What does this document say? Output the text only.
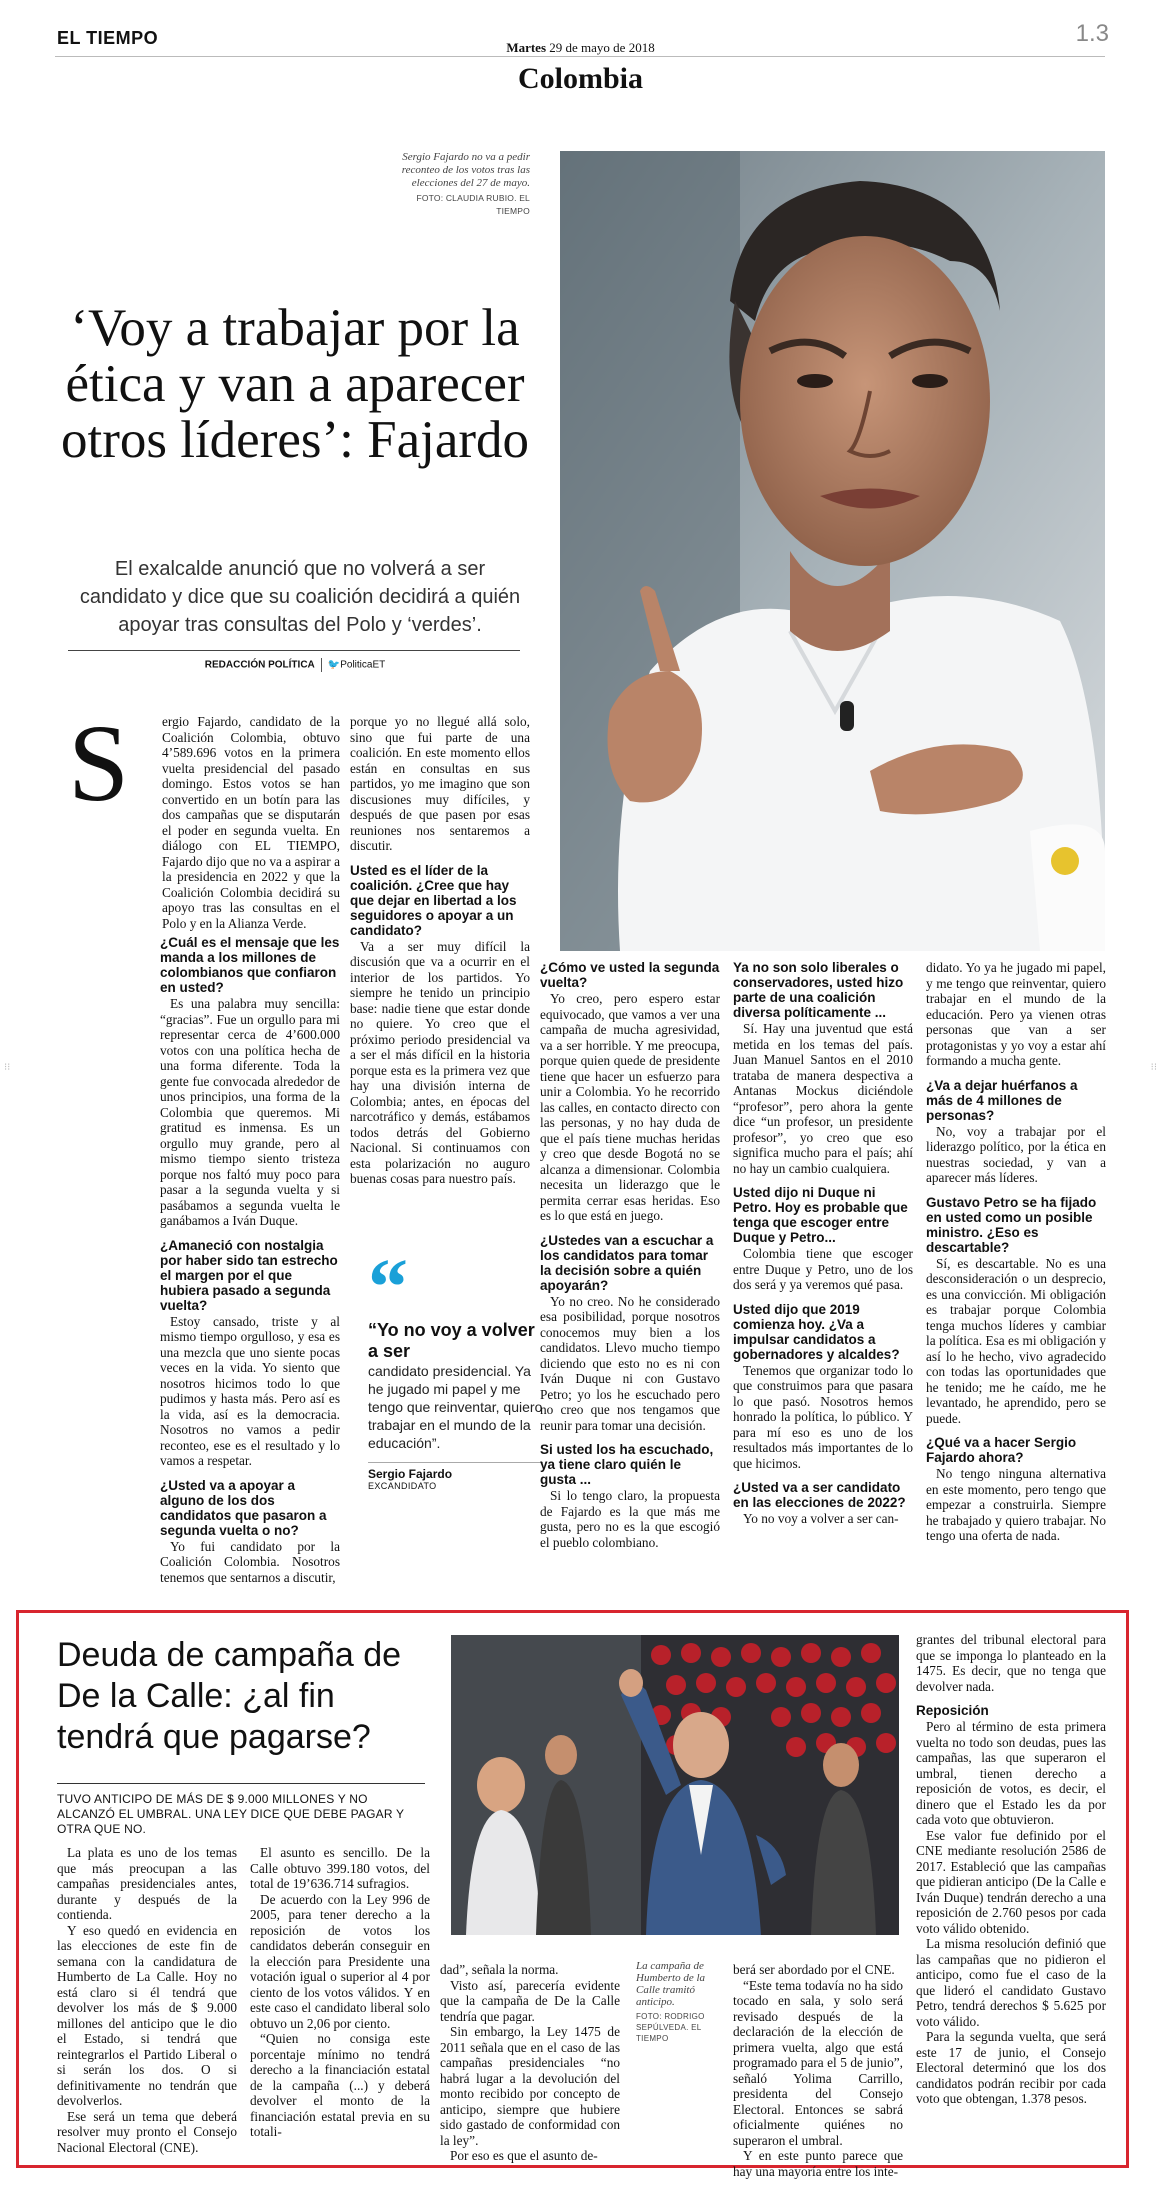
EL TIEMPO	Martes 29 de mayo de 2018
1.3
Colombia
Sergio Fajardo no va a pedir reconteo de los votos tras las elecciones del 27 de mayo.
FOTO: CLAUDIA RUBIO. EL TIEMPO
‘Voy a trabajar por la ética y van a aparecer otros líderes’: Fajardo
El exalcalde anunció que no volverá a ser candidato y dice que su coalición decidirá a quién apoyar tras consultas del Polo y ‘verdes’.
REDACCIÓN POLÍTICA 🐦PoliticaET
S ergio Fajardo, candidato de la Coalición Colombia, obtuvo 4’589.696 votos en la primera vuelta presidencial del pasado domingo. Estos votos se han convertido en un botín para las dos campañas que se disputarán el poder en segunda vuelta. En diálogo con EL TIEMPO, Fajardo dijo que no va a aspirar a la presidencia en 2022 y que la Coalición Colombia decidirá su apoyo tras las consultas en el Polo y en la Alianza Verde.

¿Cuál es el mensaje que les manda a los millones de colombianos que confiaron en usted?

Es una palabra muy sencilla: “gracias”. Fue un orgullo para mi representar cerca de 4’600.000 votos con una política hecha de una forma diferente. Toda la gente fue convocada alrededor de unos principios, una forma de la Colombia que queremos. Mi gratitud es inmensa. Es un orgullo muy grande, pero al mismo tiempo siento tristeza porque nos faltó muy poco para pasar a la segunda vuelta y si pasábamos a segunda vuelta le ganábamos a Iván Duque.

¿Amaneció con nostalgia por haber sido tan estrecho el margen por el que hubiera pasado a segunda vuelta?

Estoy cansado, triste y al mismo tiempo orgulloso, y esa es una mezcla que uno siente pocas veces en la vida. Yo siento que nosotros hicimos todo lo que pudimos y hasta más. Pero así es la vida, así es la democracia. Nosotros no vamos a pedir reconteo, ese es el resultado y lo vamos a respetar.

¿Usted va a apoyar a alguno de los dos candidatos que pasaron a segunda vuelta o no?

Yo fui candidato por la Coalición Colombia. Nosotros tenemos que sentarnos a discutir,

porque yo no llegué allá solo, sino que fui parte de una coalición. En este momento ellos están en consultas en sus partidos, yo me imagino que son discusiones muy difíciles, y después de que pasen por esas reuniones nos sentaremos a discutir.

Usted es el líder de la coalición. ¿Cree que hay que dejar en libertad a los seguidores o apoyar a un candidato?

Va a ser muy difícil la discusión que va a ocurrir en el interior de los partidos. Yo siempre he tenido un principio base: nadie tiene que estar donde no quiere. Yo creo que el próximo periodo presidencial va a ser el más difícil en la historia porque esta es la primera vez que hay una división interna de Colombia; antes, en épocas del narcotráfico y demás, estábamos todos detrás del Gobierno Nacional. Si continuamos con esta polarización no auguro buenas cosas para nuestro país.

“
“Yo no voy a volver a ser
candidato presidencial. Ya he jugado mi papel y me tengo que reinventar, quiero trabajar en el mundo de la educación”.
Sergio Fajardo
EXCANDIDATO
¿Cómo ve usted la segunda vuelta?

Yo creo, pero espero estar equivocado, que vamos a ver una campaña de mucha agresividad, va a ser horrible. Y me preocupa, porque quien quede de presidente tiene que hacer un esfuerzo para unir a Colombia. Yo he recorrido las calles, en contacto directo con las personas, y no hay duda de que el país tiene muchas heridas y creo que desde Bogotá no se alcanza a dimensionar. Colombia necesita un liderazgo que le permita cerrar esas heridas. Eso es lo que está en juego.

¿Ustedes van a escuchar a los candidatos para tomar la decisión sobre a quién apoyarán?

Yo no creo. No he considerado esa posibilidad, porque nosotros conocemos muy bien a los candidatos. Llevo mucho tiempo diciendo que esto no es ni con Iván Duque ni con Gustavo Petro; yo los he escuchado pero no creo que nos tengamos que reunir para tomar una decisión.

Si usted los ha escuchado, ya tiene claro quién le gusta ...

Si lo tengo claro, la propuesta de Fajardo es la que más me gusta, pero no es la que escogió el pueblo colombiano.

Ya no son solo liberales o conservadores, usted hizo parte de una coalición diversa políticamente ...

Sí. Hay una juventud que está metida en los temas del país. Juan Manuel Santos en el 2010 trataba de manera despectiva a Antanas Mockus diciéndole “profesor”, pero ahora la gente dice “un profesor, un presidente profesor”, yo creo que eso significa mucho para el país; ahí no hay un cambio cualquiera.

Usted dijo ni Duque ni Petro. Hoy es probable que tenga que escoger entre Duque y Petro...

Colombia tiene que escoger entre Duque y Petro, uno de los dos será y ya veremos qué pasa.

Usted dijo que 2019 comienza hoy. ¿Va a impulsar candidatos a gobernadores y alcaldes?

Tenemos que organizar todo lo que construimos para que pasara lo que pasó. Nosotros hemos honrado la política, lo público. Y para mí eso es uno de los resultados más importantes de lo que hicimos.

¿Usted va a ser candidato en las elecciones de 2022?

Yo no voy a volver a ser can-

didato. Yo ya he jugado mi papel, y me tengo que reinventar, quiero trabajar en el mundo de la educación. Pero ya vienen otras personas que van a ser protagonistas y yo voy a estar ahí formando a mucha gente.

¿Va a dejar huérfanos a más de 4 millones de personas?

No, voy a trabajar por el liderazgo político, por la ética en nuestras sociedad, y van a aparecer más líderes.

Gustavo Petro se ha fijado en usted como un posible ministro. ¿Eso es descartable?

Sí, es descartable. No es una desconsideración o un desprecio, es una convicción. Mi obligación es trabajar porque Colombia tenga muchos líderes y cambiar la política. Esa es mi obligación y así lo he hecho, vivo agradecido con todas las oportunidades que he tenido; me he caído, me he levantado, he aprendido, pero se puede.

¿Qué va a hacer Sergio Fajardo ahora?

No tengo ninguna alternativa en este momento, pero tengo que empezar a construirla. Siempre he trabajado y quiero trabajar. No tengo una oferta de nada.

⁝⁝	⁝⁝
Deuda de campaña de De la Calle: ¿al fin tendrá que pagarse?
TUVO ANTICIPO DE MÁS DE $ 9.000 MILLONES Y NO ALCANZÓ EL UMBRAL. UNA LEY DICE QUE DEBE PAGAR Y OTRA QUE NO.
La campaña de Humberto de la Calle tramitó anticipo.
FOTO: RODRIGO SEPÚLVEDA. EL TIEMPO

La plata es uno de los temas que más preocupan a las campañas presidenciales antes, durante y después de la contienda.

Y eso quedó en evidencia en las elecciones de este fin de semana con la candidatura de Humberto de La Calle. Hoy no está claro si él tendrá que devolver los más de $ 9.000 millones del anticipo que le dio el Estado, si tendrá que reintegrarlos el Partido Liberal o si serán los dos. O si definitivamente no tendrán que devolverlos.

Ese será un tema que deberá resolver muy pronto el Consejo Nacional Electoral (CNE).

El asunto es sencillo. De la Calle obtuvo 399.180 votos, del total de 19’636.714 sufragios.

De acuerdo con la Ley 996 de 2005, para tener derecho a la reposición de votos los candidatos deberán conseguir en la elección para Presidente una votación igual o superior al 4 por ciento de los votos válidos. Y en este caso el candidato liberal solo obtuvo un 2,06 por ciento.

“Quien no consiga este porcentaje mínimo no tendrá derecho a la financiación estatal de la campaña (...) y deberá devolver el monto de la financiación estatal previa en su totali-

dad”, señala la norma.

Visto así, parecería evidente que la campaña de De la Calle tendría que pagar.

Sin embargo, la Ley 1475 de 2011 señala que en el caso de las campañas presidenciales “no habrá lugar a la devolución del monto recibido por concepto de anticipo, siempre que hubiere sido gastado de conformidad con la ley”.

Por eso es que el asunto de-

berá ser abordado por el CNE.

“Este tema todavía no ha sido tocado en sala, y solo será revisado después de la declaración de la elección de primera vuelta, algo que está programado para el 5 de junio”, señaló Yolima Carrillo, presidenta del Consejo Electoral. Entonces se sabrá oficialmente quiénes no superaron el umbral.

Y en este punto parece que hay una mayoría entre los inte-

grantes del tribunal electoral para que se imponga lo planteado en la 1475. Es decir, que no tenga que devolver nada.

Reposición

Pero al término de esta primera vuelta no todo son deudas, pues las campañas, las que superaron el umbral, tienen derecho a reposición de votos, es decir, el dinero que el Estado les da por cada voto que obtuvieron.

Ese valor fue definido por el CNE mediante resolución 2586 de 2017. Estableció que las campañas que pidieran anticipo (De la Calle e Iván Duque) tendrán derecho a una reposición de 2.760 pesos por cada voto válido obtenido.

La misma resolución definió que las campañas que no pidieron el anticipo, como fue el caso de la que lideró el candidato Gustavo Petro, tendrá derechos $ 5.625 por voto válido.

Para la segunda vuelta, que será este 17 de junio, el Consejo Electoral determinó que los dos candidatos podrán recibir por cada voto que obtengan, 1.378 pesos.
